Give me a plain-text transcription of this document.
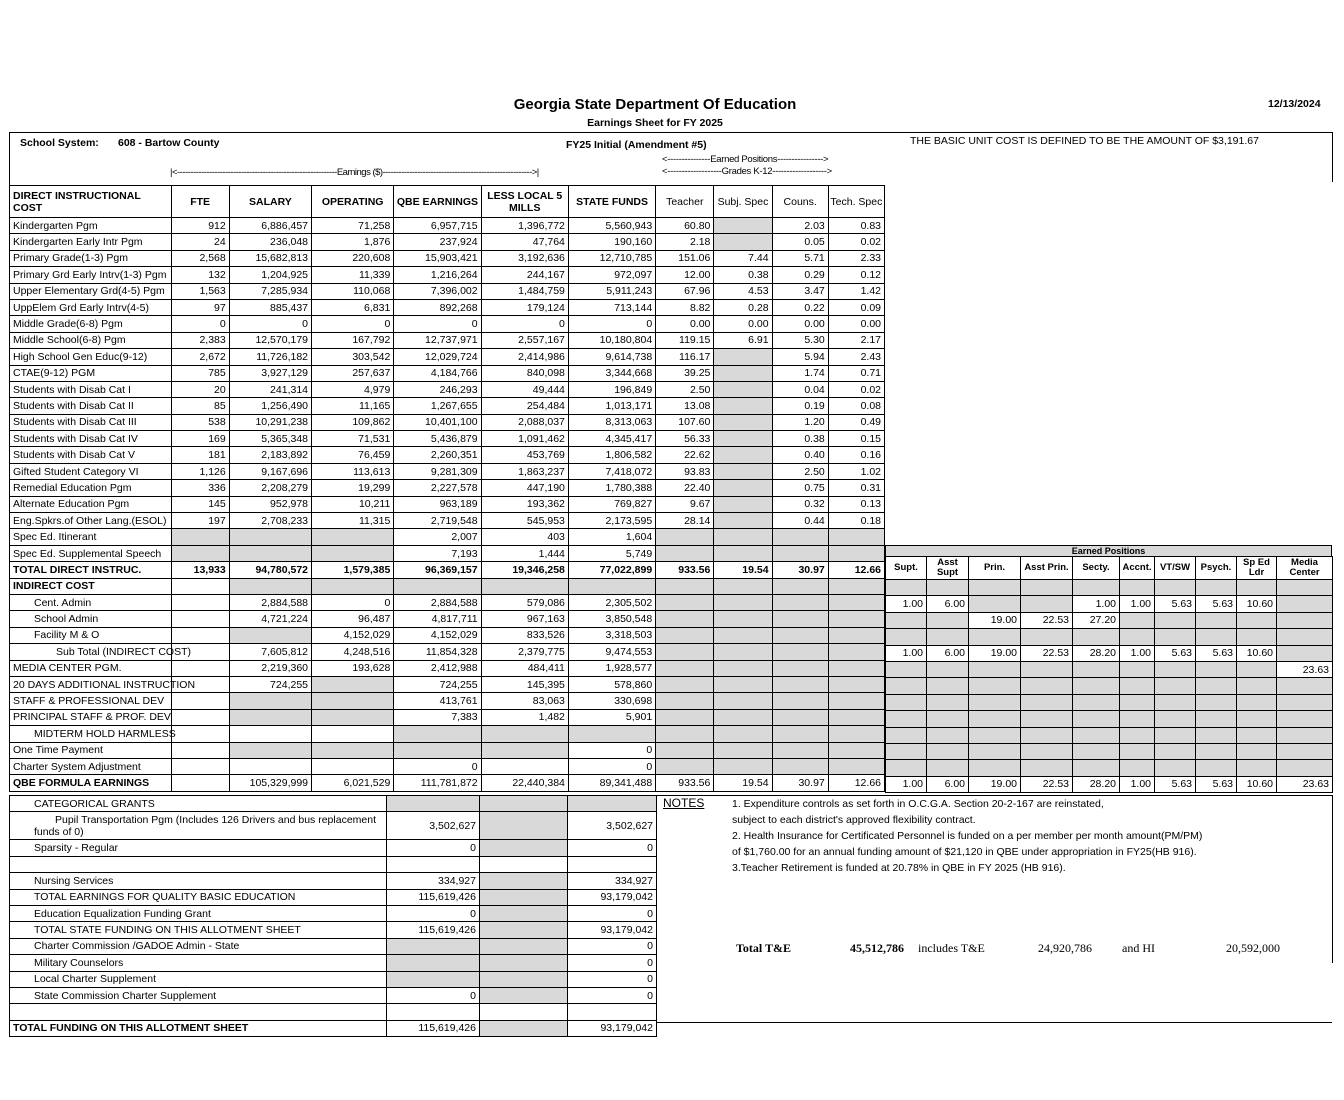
Georgia State Department Of Education
Earnings Sheet for FY 2025
12/13/2024
School System: 608 - Bartow County	FY25 Initial (Amendment #5)	THE BASIC UNIT COST IS DEFINED TO BE THE AMOUNT OF $3,191.67
|<------------------------------------------------------------Earnings ($)-------------------------------------------------------->|
<---------------Earned Positions---------------->
<-------------------Grades K-12------------------->
DIRECT INSTRUCTIONAL COST	FTE	SALARY	OPERATING	QBE EARNINGS	LESS LOCAL 5 MILLS	STATE FUNDS	Teacher	Subj. Spec	Couns.	Tech. Spec
Kindergarten Pgm	912	6,886,457	71,258	6,957,715	1,396,772	5,560,943	60.80		2.03	0.83
Kindergarten Early Intr Pgm	24	236,048	1,876	237,924	47,764	190,160	2.18		0.05	0.02
Primary Grade(1-3) Pgm	2,568	15,682,813	220,608	15,903,421	3,192,636	12,710,785	151.06	7.44	5.71	2.33
Primary Grd Early Intrv(1-3) Pgm	132	1,204,925	11,339	1,216,264	244,167	972,097	12.00	0.38	0.29	0.12
Upper Elementary Grd(4-5) Pgm	1,563	7,285,934	110,068	7,396,002	1,484,759	5,911,243	67.96	4.53	3.47	1.42
UppElem Grd Early Intrv(4-5)	97	885,437	6,831	892,268	179,124	713,144	8.82	0.28	0.22	0.09
Middle Grade(6-8) Pgm	0	0	0	0	0	0	0.00	0.00	0.00	0.00
Middle School(6-8) Pgm	2,383	12,570,179	167,792	12,737,971	2,557,167	10,180,804	119.15	6.91	5.30	2.17
High School Gen Educ(9-12)	2,672	11,726,182	303,542	12,029,724	2,414,986	9,614,738	116.17		5.94	2.43
CTAE(9-12) PGM	785	3,927,129	257,637	4,184,766	840,098	3,344,668	39.25		1.74	0.71
Students with Disab Cat I	20	241,314	4,979	246,293	49,444	196,849	2.50		0.04	0.02
Students with Disab Cat II	85	1,256,490	11,165	1,267,655	254,484	1,013,171	13.08		0.19	0.08
Students with Disab Cat III	538	10,291,238	109,862	10,401,100	2,088,037	8,313,063	107.60		1.20	0.49
Students with Disab Cat IV	169	5,365,348	71,531	5,436,879	1,091,462	4,345,417	56.33		0.38	0.15
Students with Disab Cat V	181	2,183,892	76,459	2,260,351	453,769	1,806,582	22.62		0.40	0.16
Gifted Student Category VI	1,126	9,167,696	113,613	9,281,309	1,863,237	7,418,072	93.83		2.50	1.02
Remedial Education Pgm	336	2,208,279	19,299	2,227,578	447,190	1,780,388	22.40		0.75	0.31
Alternate Education Pgm	145	952,978	10,211	963,189	193,362	769,827	9.67		0.32	0.13
Eng.Spkrs.of Other Lang.(ESOL)	197	2,708,233	11,315	2,719,548	545,953	2,173,595	28.14		0.44	0.18
Spec Ed. Itinerant				2,007	403	1,604				
Spec Ed. Supplemental Speech				7,193	1,444	5,749				
TOTAL DIRECT INSTRUC.	13,933	94,780,572	1,579,385	96,369,157	19,346,258	77,022,899	933.56	19.54	30.97	12.66
INDIRECT COST										
Cent. Admin		2,884,588	0	2,884,588	579,086	2,305,502				
School Admin		4,721,224	96,487	4,817,711	967,163	3,850,548				
Facility M & O			4,152,029	4,152,029	833,526	3,318,503				
Sub Total (INDIRECT COST)		7,605,812	4,248,516	11,854,328	2,379,775	9,474,553				
MEDIA CENTER PGM.		2,219,360	193,628	2,412,988	484,411	1,928,577				
20 DAYS ADDITIONAL INSTRUCTION		724,255		724,255	145,395	578,860				
STAFF & PROFESSIONAL DEV				413,761	83,063	330,698				
PRINCIPAL STAFF & PROF. DEV				7,383	1,482	5,901				
MIDTERM HOLD HARMLESS										
One Time Payment						0				
Charter System Adjustment				0		0				
QBE FORMULA EARNINGS		105,329,999	6,021,529	111,781,872	22,440,384	89,341,488	933.56	19.54	30.97	12.66
Earned Positions
Supt.	Asst Supt	Prin.	Asst Prin.	Secty.	Accnt.	VT/SW	Psych.	Sp Ed Ldr	Media Center

1.00	6.00			1.00	1.00	5.63	5.63	10.60	
		19.00	22.53	27.20					

1.00	6.00	19.00	22.53	28.20	1.00	5.63	5.63	10.60	
									23.63

1.00	6.00	19.00	22.53	28.20	1.00	5.63	5.63	10.60	23.63
CATEGORICAL GRANTS			
Pupil Transportation Pgm (Includes 126 Drivers and bus replacement funds of 0)	3,502,627		3,502,627
Sparsity - Regular	0		0

Nursing Services	334,927		334,927
TOTAL EARNINGS FOR QUALITY BASIC EDUCATION	115,619,426		93,179,042
Education Equalization Funding Grant	0		0
TOTAL STATE FUNDING ON THIS ALLOTMENT SHEET	115,619,426		93,179,042
Charter Commission /GADOE Admin - State			0
Military Counselors			0
Local Charter Supplement			0
State Commission Charter Supplement	0		0

TOTAL FUNDING ON THIS ALLOTMENT SHEET	115,619,426		93,179,042
NOTES	1. Expenditure controls as set forth in O.C.G.A. Section 20-2-167 are reinstated,
subject to each district's approved flexibility contract.
2. Health Insurance for Certificated Personnel is funded on a per member per month amount(PM/PM)
of $1,760.00 for an annual funding amount of $21,120 in QBE under appropriation in FY25(HB 916).
3.Teacher Retirement is funded at 20.78% in QBE in FY 2025 (HB 916).
Total T&E	45,512,786 includes T&E	24,920,786	and HI	20,592,000
